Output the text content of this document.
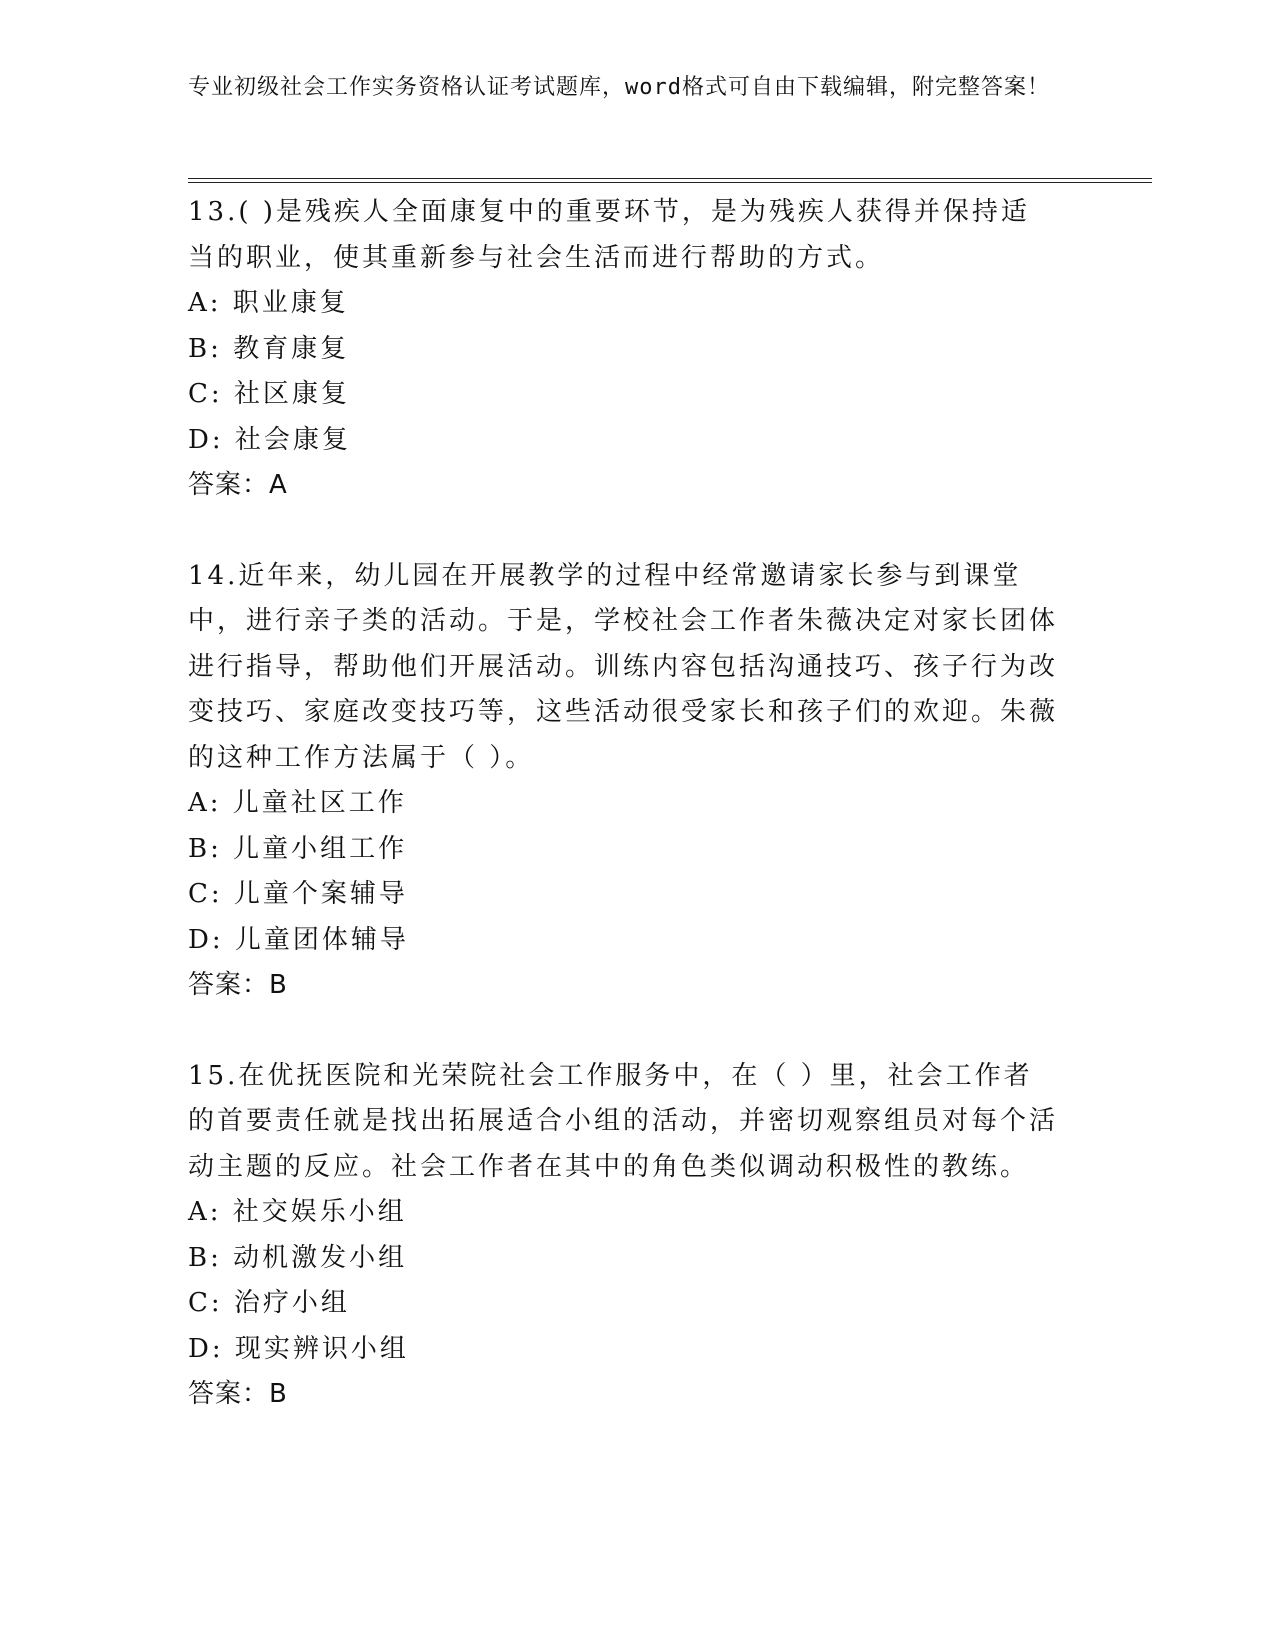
专业初级社会工作实务资格认证考试题库，word格式可自由下载编辑，附完整答案！

13.( )是残疾人全面康复中的重要环节，是为残疾人获得并保持适当的职业，使其重新参与社会生活而进行帮助的方式。

A: 职业康复

B: 教育康复

C: 社区康复

D: 社会康复

答案：A

14.近年来，幼儿园在开展教学的过程中经常邀请家长参与到课堂中，进行亲子类的活动。于是，学校社会工作者朱薇决定对家长团体进行指导，帮助他们开展活动。训练内容包括沟通技巧、孩子行为改变技巧、家庭改变技巧等，这些活动很受家长和孩子们的欢迎。朱薇的这种工作方法属于（ ）。

A: 儿童社区工作

B: 儿童小组工作

C: 儿童个案辅导

D: 儿童团体辅导

答案：B

15.在优抚医院和光荣院社会工作服务中，在（ ）里，社会工作者的首要责任就是找出拓展适合小组的活动，并密切观察组员对每个活动主题的反应。社会工作者在其中的角色类似调动积极性的教练。

A: 社交娱乐小组

B: 动机激发小组

C: 治疗小组

D: 现实辨识小组

答案：B
